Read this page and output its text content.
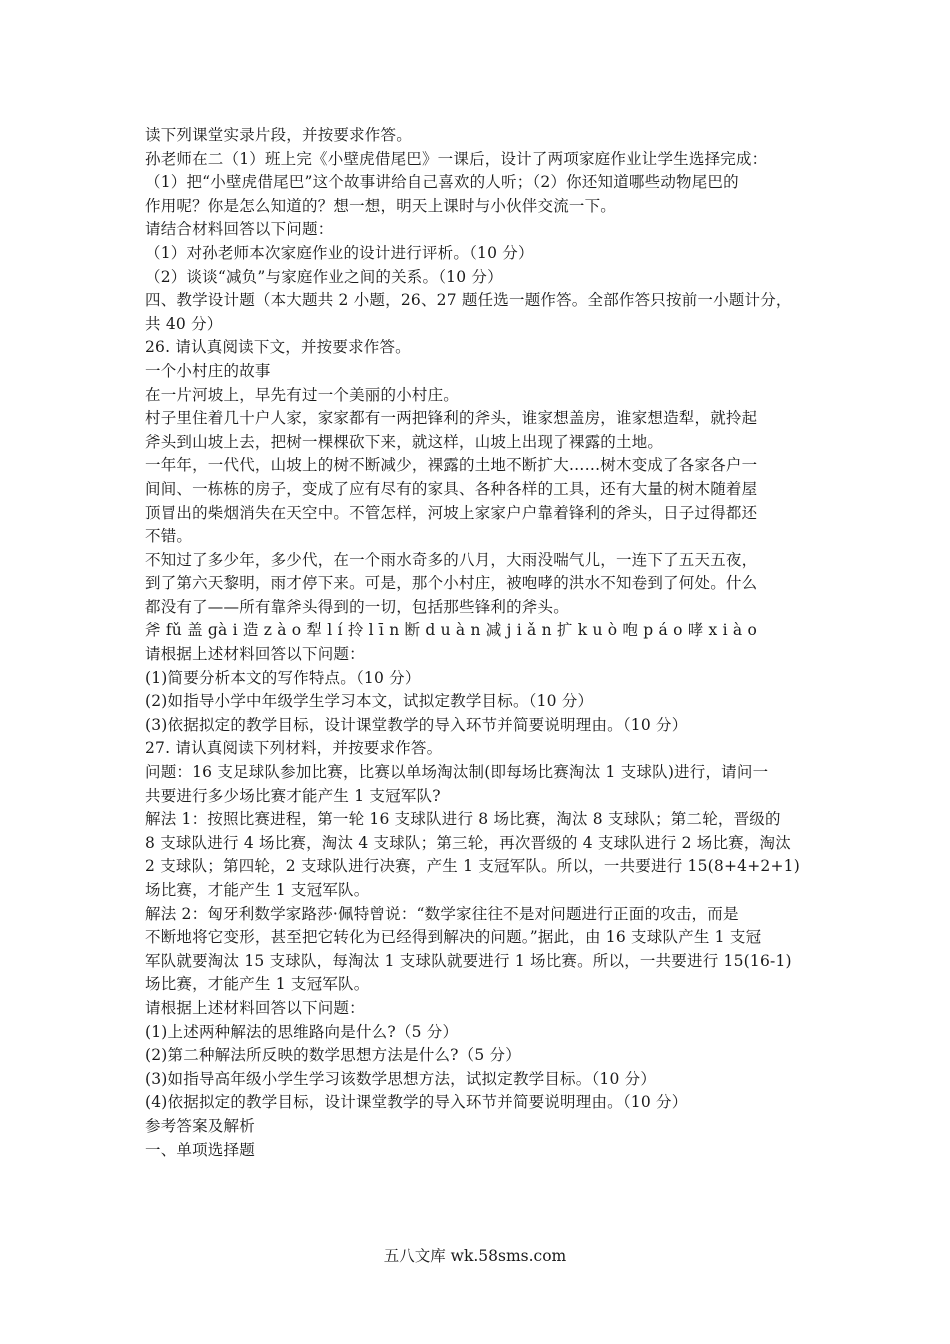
读下列课堂实录片段，并按要求作答。
孙老师在二（1）班上完《小壁虎借尾巴》一课后，设计了两项家庭作业让学生选择完成：
（1）把“小壁虎借尾巴”这个故事讲给自己喜欢的人听；（2）你还知道哪些动物尾巴的
作用呢？你是怎么知道的？想一想，明天上课时与小伙伴交流一下。
请结合材料回答以下问题：
（1）对孙老师本次家庭作业的设计进行评析。（10 分）
（2）谈谈“减负”与家庭作业之间的关系。（10 分）
四、教学设计题（本大题共 2 小题，26、27 题任选一题作答。全部作答只按前一小题计分，
共 40 分）
26. 请认真阅读下文，并按要求作答。
一个小村庄的故事
在一片河坡上，早先有过一个美丽的小村庄。
村子里住着几十户人家，家家都有一两把锋利的斧头，谁家想盖房，谁家想造犁，就拎起
斧头到山坡上去，把树一棵棵砍下来，就这样，山坡上出现了裸露的土地。
一年年，一代代，山坡上的树不断减少，裸露的土地不断扩大……树木变成了各家各户一
间间、一栋栋的房子，变成了应有尽有的家具、各种各样的工具，还有大量的树木随着屋
顶冒出的柴烟消失在天空中。不管怎样，河坡上家家户户靠着锋利的斧头，日子过得都还
不错。
不知过了多少年，多少代，在一个雨水奇多的八月，大雨没喘气儿，一连下了五天五夜，
到了第六天黎明，雨才停下来。可是，那个小村庄，被咆哮的洪水不知卷到了何处。什么
都没有了——所有靠斧头得到的一切，包括那些锋利的斧头。
斧 fǔ 盖 ɡà i 造 z à o 犁 l í 拎 l ī n 断 d u à n 减 j i ǎ n 扩 k u ò 咆 p á o 哮 x i à o
请根据上述材料回答以下问题：
(1)简要分析本文的写作特点。（10 分）
(2)如指导小学中年级学生学习本文，试拟定教学目标。（10 分）
(3)依据拟定的教学目标，设计课堂教学的导入环节并简要说明理由。（10 分）
27. 请认真阅读下列材料，并按要求作答。
问题：16 支足球队参加比赛，比赛以单场淘汰制(即每场比赛淘汰 1 支球队)进行，请问一
共要进行多少场比赛才能产生 1 支冠军队?
解法 1：按照比赛进程，第一轮 16 支球队进行 8 场比赛，淘汰 8 支球队；第二轮，晋级的
8 支球队进行 4 场比赛，淘汰 4 支球队；第三轮，再次晋级的 4 支球队进行 2 场比赛，淘汰
2 支球队；第四轮，2 支球队进行决赛，产生 1 支冠军队。所以，一共要进行 15(8+4+2+1)
场比赛，才能产生 1 支冠军队。
解法 2：匈牙利数学家路莎·佩特曾说：“数学家往往不是对问题进行正面的攻击，而是
不断地将它变形，甚至把它转化为已经得到解决的问题。”据此，由 16 支球队产生 1 支冠
军队就要淘汰 15 支球队，每淘汰 1 支球队就要进行 1 场比赛。所以，一共要进行 15(16-1)
场比赛，才能产生 1 支冠军队。
请根据上述材料回答以下问题：
(1)上述两种解法的思维路向是什么?（5 分）
(2)第二种解法所反映的数学思想方法是什么?（5 分）
(3)如指导高年级小学生学习该数学思想方法，试拟定教学目标。（10 分）
(4)依据拟定的教学目标，设计课堂教学的导入环节并简要说明理由。（10 分）
参考答案及解析
一、单项选择题
五八文库 wk.58sms.com
